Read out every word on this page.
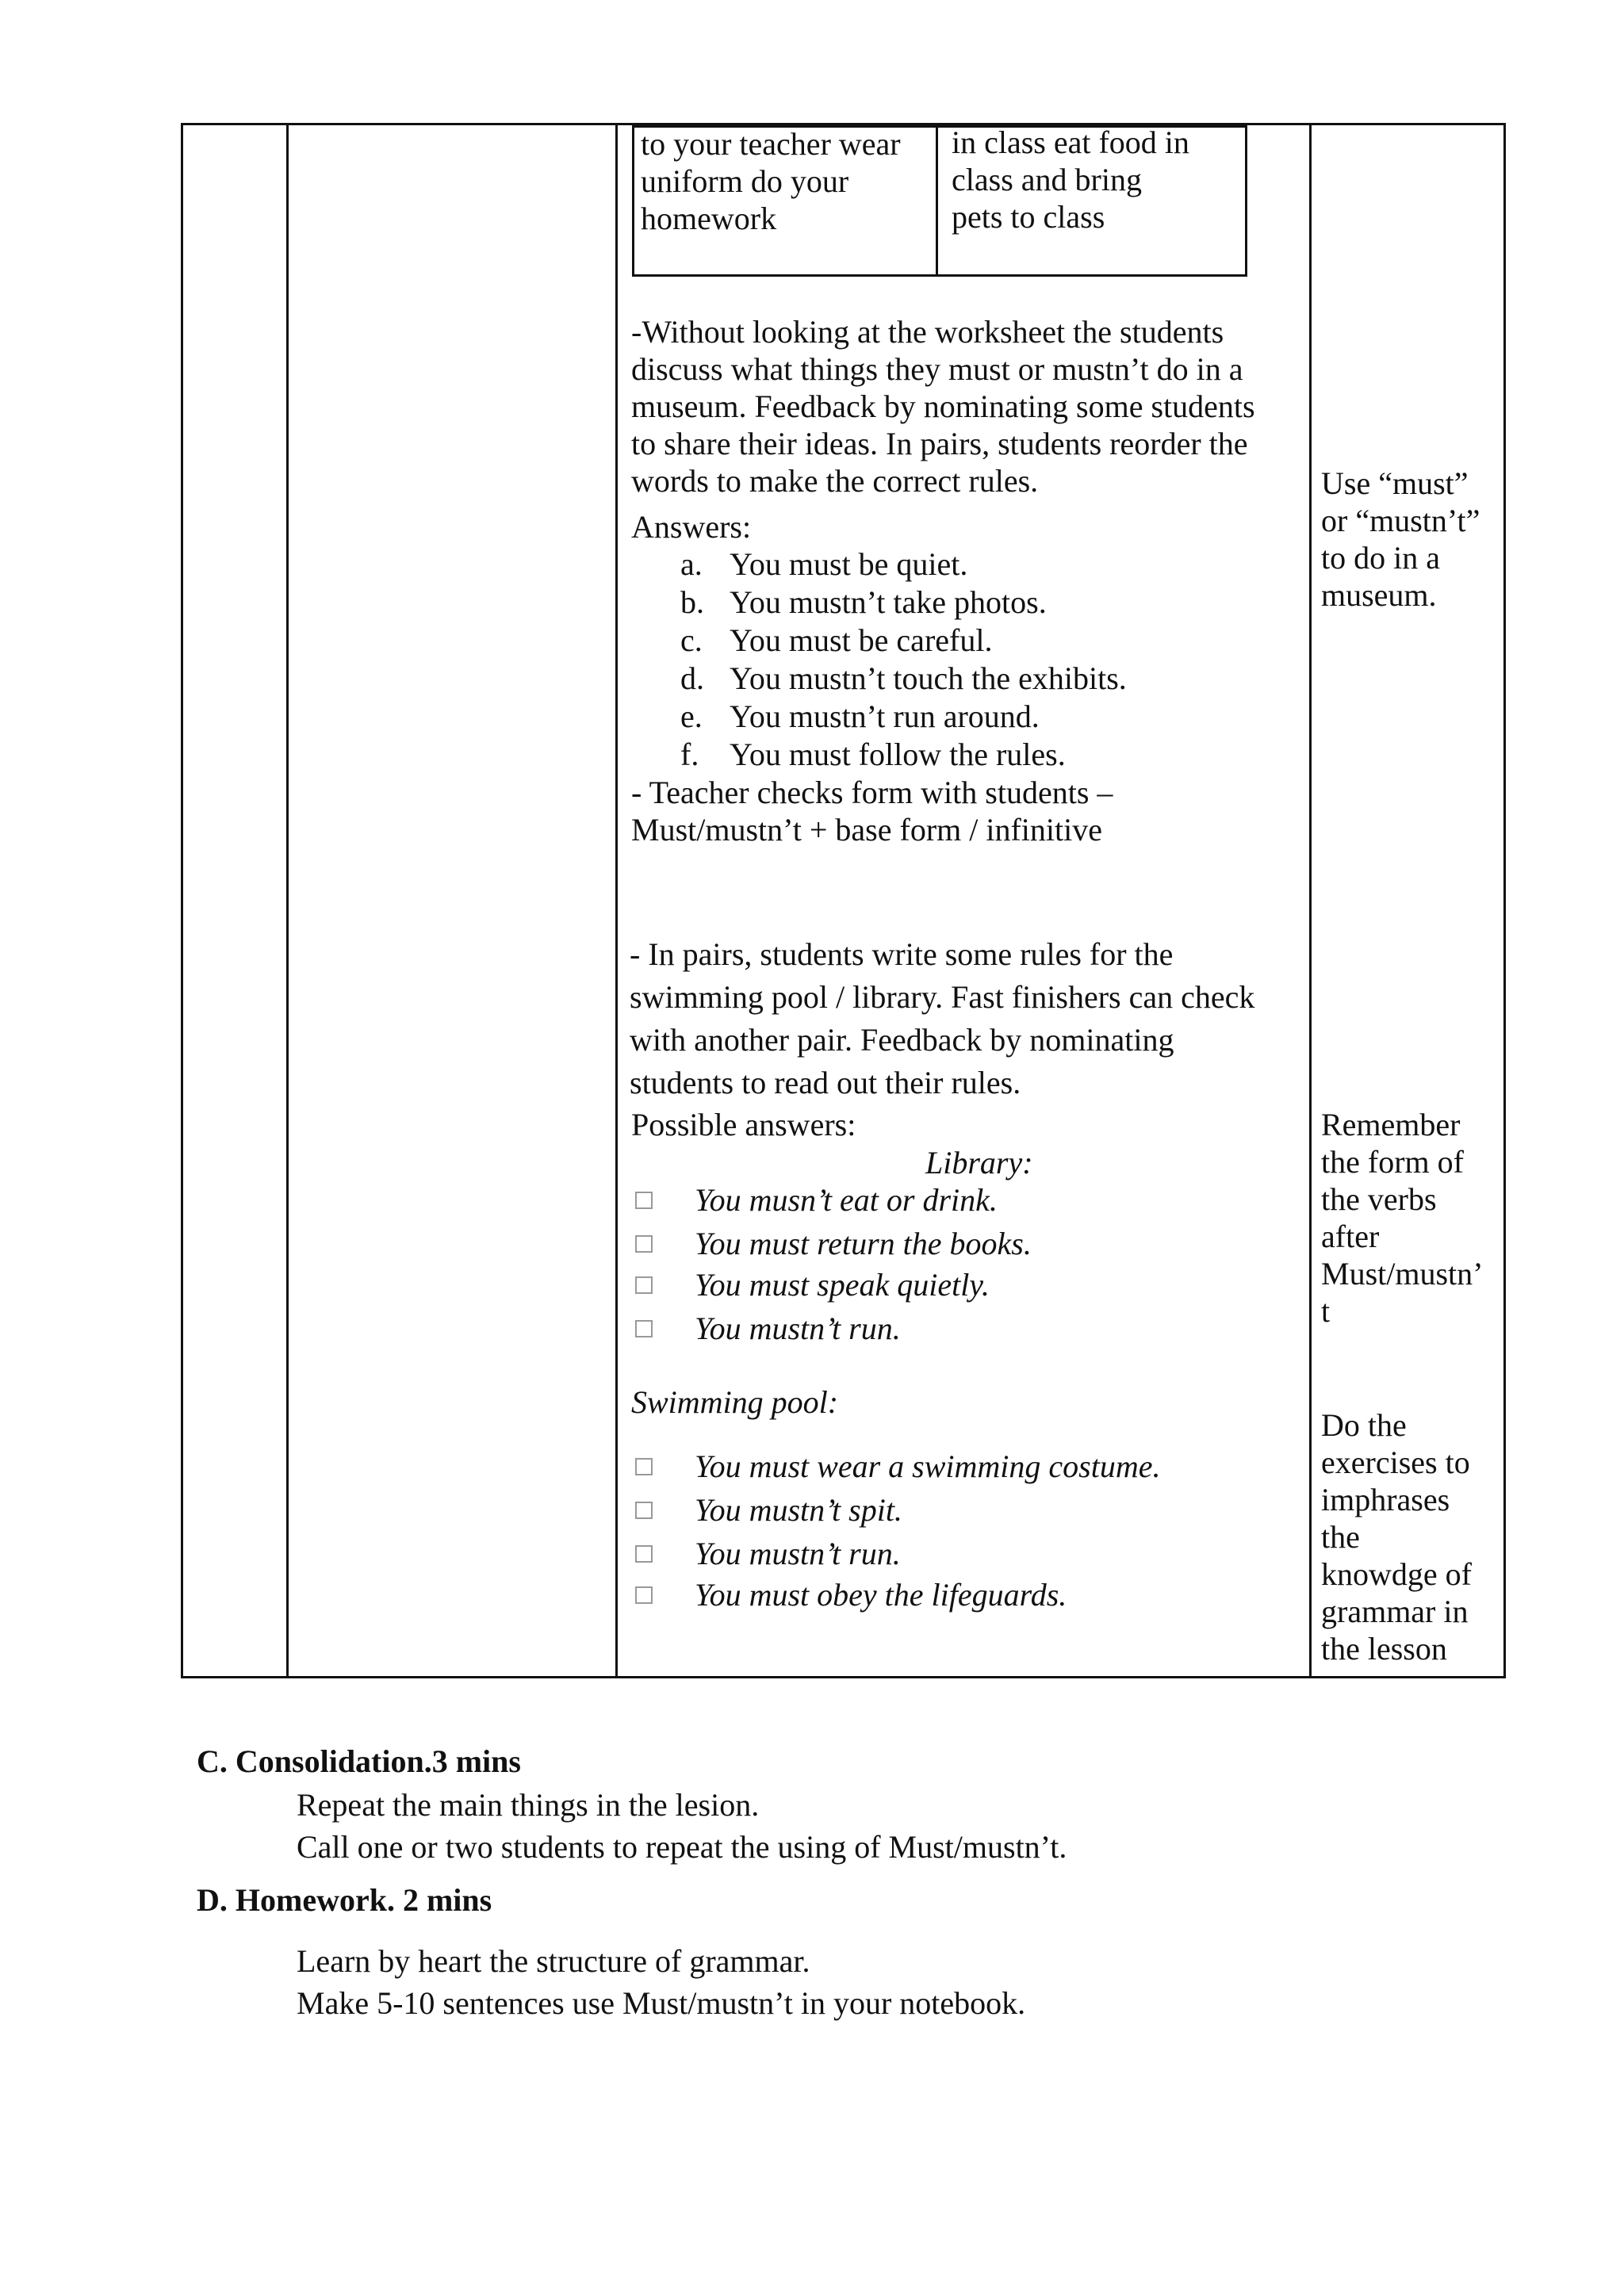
to your teacher wear
uniform do your
homework
in class eat food in
class and bring
pets to class
-Without looking at the worksheet the students
discuss what things they must or mustn’t do in a
museum. Feedback by nominating some students
to share their ideas. In pairs, students reorder the
words to make the correct rules.
Answers:
a. You must be quiet.
b. You mustn’t take photos.
c. You must be careful.
d. You mustn’t touch the exhibits.
e. You mustn’t run around.
f. You must follow the rules.
- Teacher checks form with students –
Must/mustn’t + base form / infinitive
- In pairs, students write some rules for the
swimming pool / library. Fast finishers can check
with another pair. Feedback by nominating
students to read out their rules.
Possible answers:
Library:
You musn’t eat or drink.
You must return the books.
You must speak quietly.
You mustn’t run.
Swimming pool:
You must wear a swimming costume.
You mustn’t spit.
You mustn’t run.
You must obey the lifeguards.
Use “must”
or “mustn’t”
to do in a
museum.
Remember
the form of
the verbs
after
Must/mustn’
t
Do the
exercises to
imphrases
the
knowdge of
grammar in
the lesson
C. Consolidation.3 mins
Repeat the main things in the lesion.
Call one or two students to repeat the using of Must/mustn’t.
D. Homework. 2 mins
Learn by heart the structure of grammar.
Make 5-10 sentences use Must/mustn’t in your notebook.
